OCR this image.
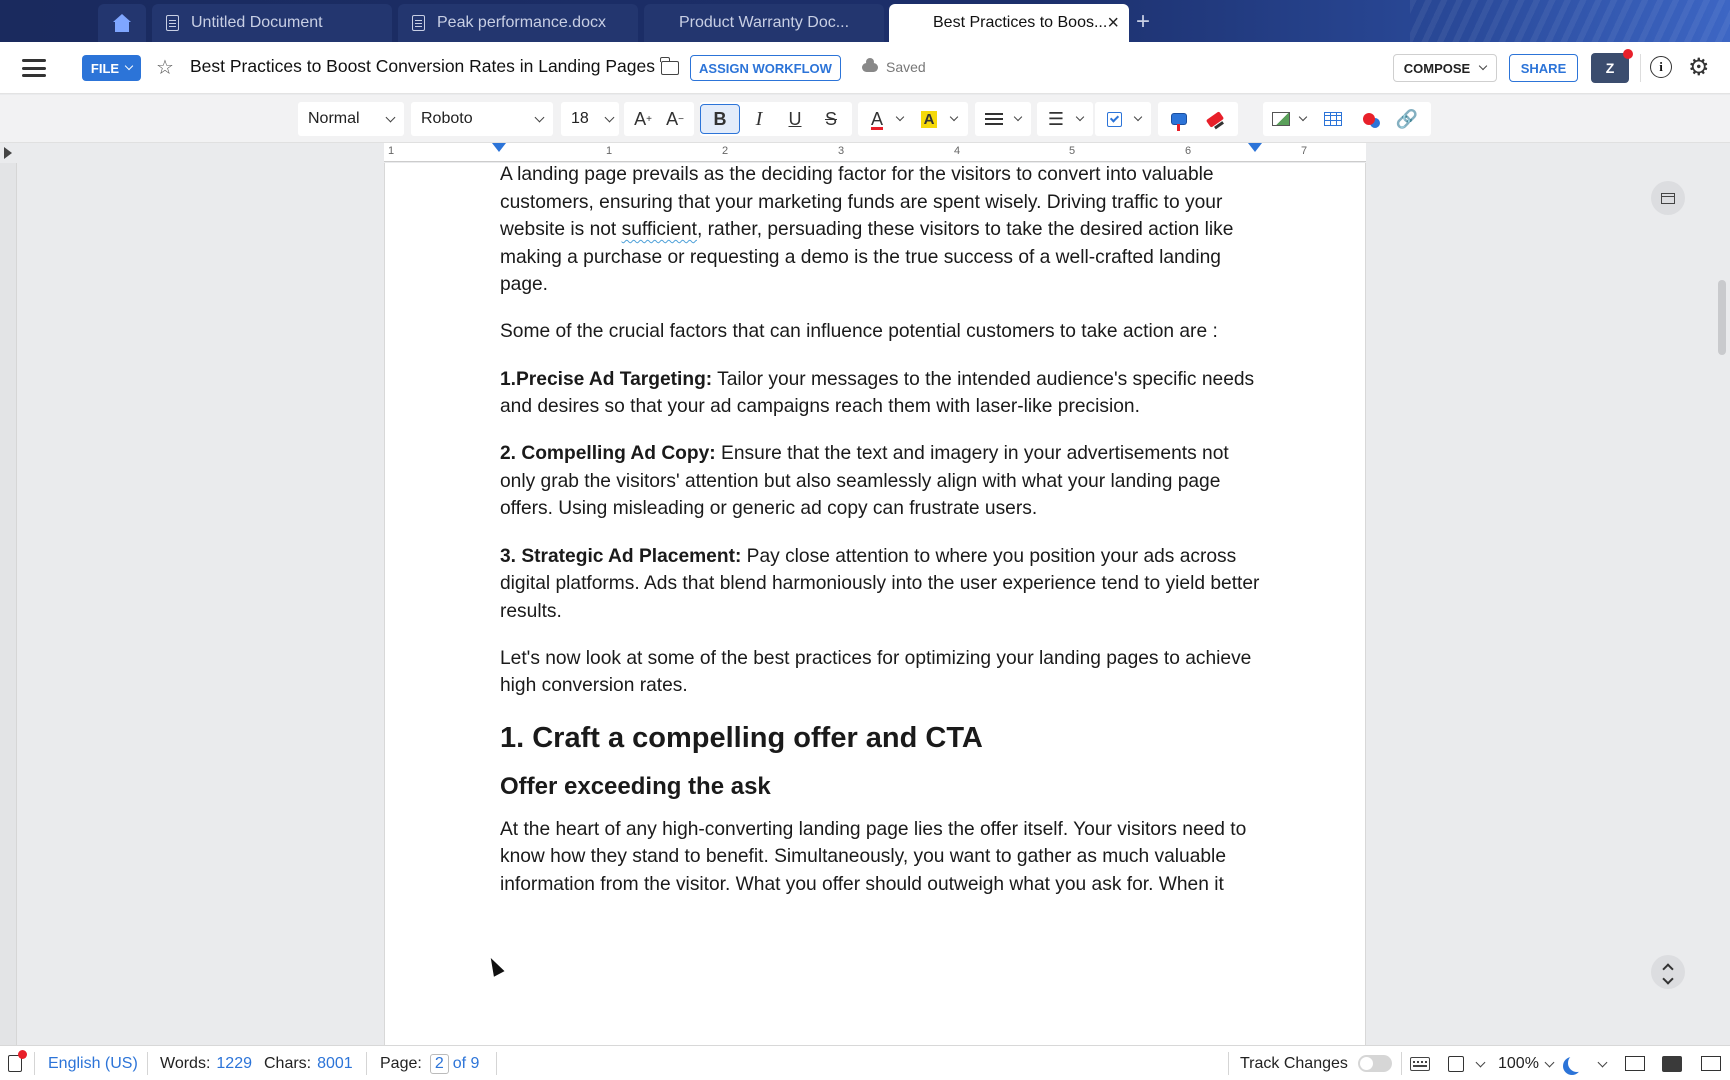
Untitled Document	Peak performance.docx	Product Warranty Doc...	Best Practices to Boos... × +
FILE ☆ Best Practices to Boost Conversion Rates in Landing Pages	ASSIGN WORKFLOW	Saved	COMPOSE	SHARE	Z	i	⚙
Normal	Roboto	18	A + A −	B	I	U	S	A	A	☰	🔗
1	1	2	3	4	5	6	7

A landing page prevails as the deciding factor for the visitors to convert into valuable customers, ensuring that your marketing funds are spent wisely. Driving traffic to your website is not sufficient, rather, persuading these visitors to take the desired action like making a purchase or requesting a demo is the true success of a well-crafted landing page.

Some of the crucial factors that can influence potential customers to take action are :

1.Precise Ad Targeting: Tailor your messages to the intended audience's specific needs and desires so that your ad campaigns reach them with laser-like precision.

2. Compelling Ad Copy: Ensure that the text and imagery in your advertisements not only grab the visitors' attention but also seamlessly align with what your landing page offers. Using misleading or generic ad copy can frustrate users.

3. Strategic Ad Placement: Pay close attention to where you position your ads across digital platforms. Ads that blend harmoniously into the user experience tend to yield better results.

Let's now look at some of the best practices for optimizing your landing pages to achieve high conversion rates.

1. Craft a compelling offer and CTA
Offer exceeding the ask

At the heart of any high-converting landing page lies the offer itself. Your visitors need to know how they stand to benefit. Simultaneously, you want to gather as much valuable information from the visitor. What you offer should outweigh what you ask for. When it

English (US) Words: 1229 Chars: 8001 Page: 2 of 9	Track Changes	100%
